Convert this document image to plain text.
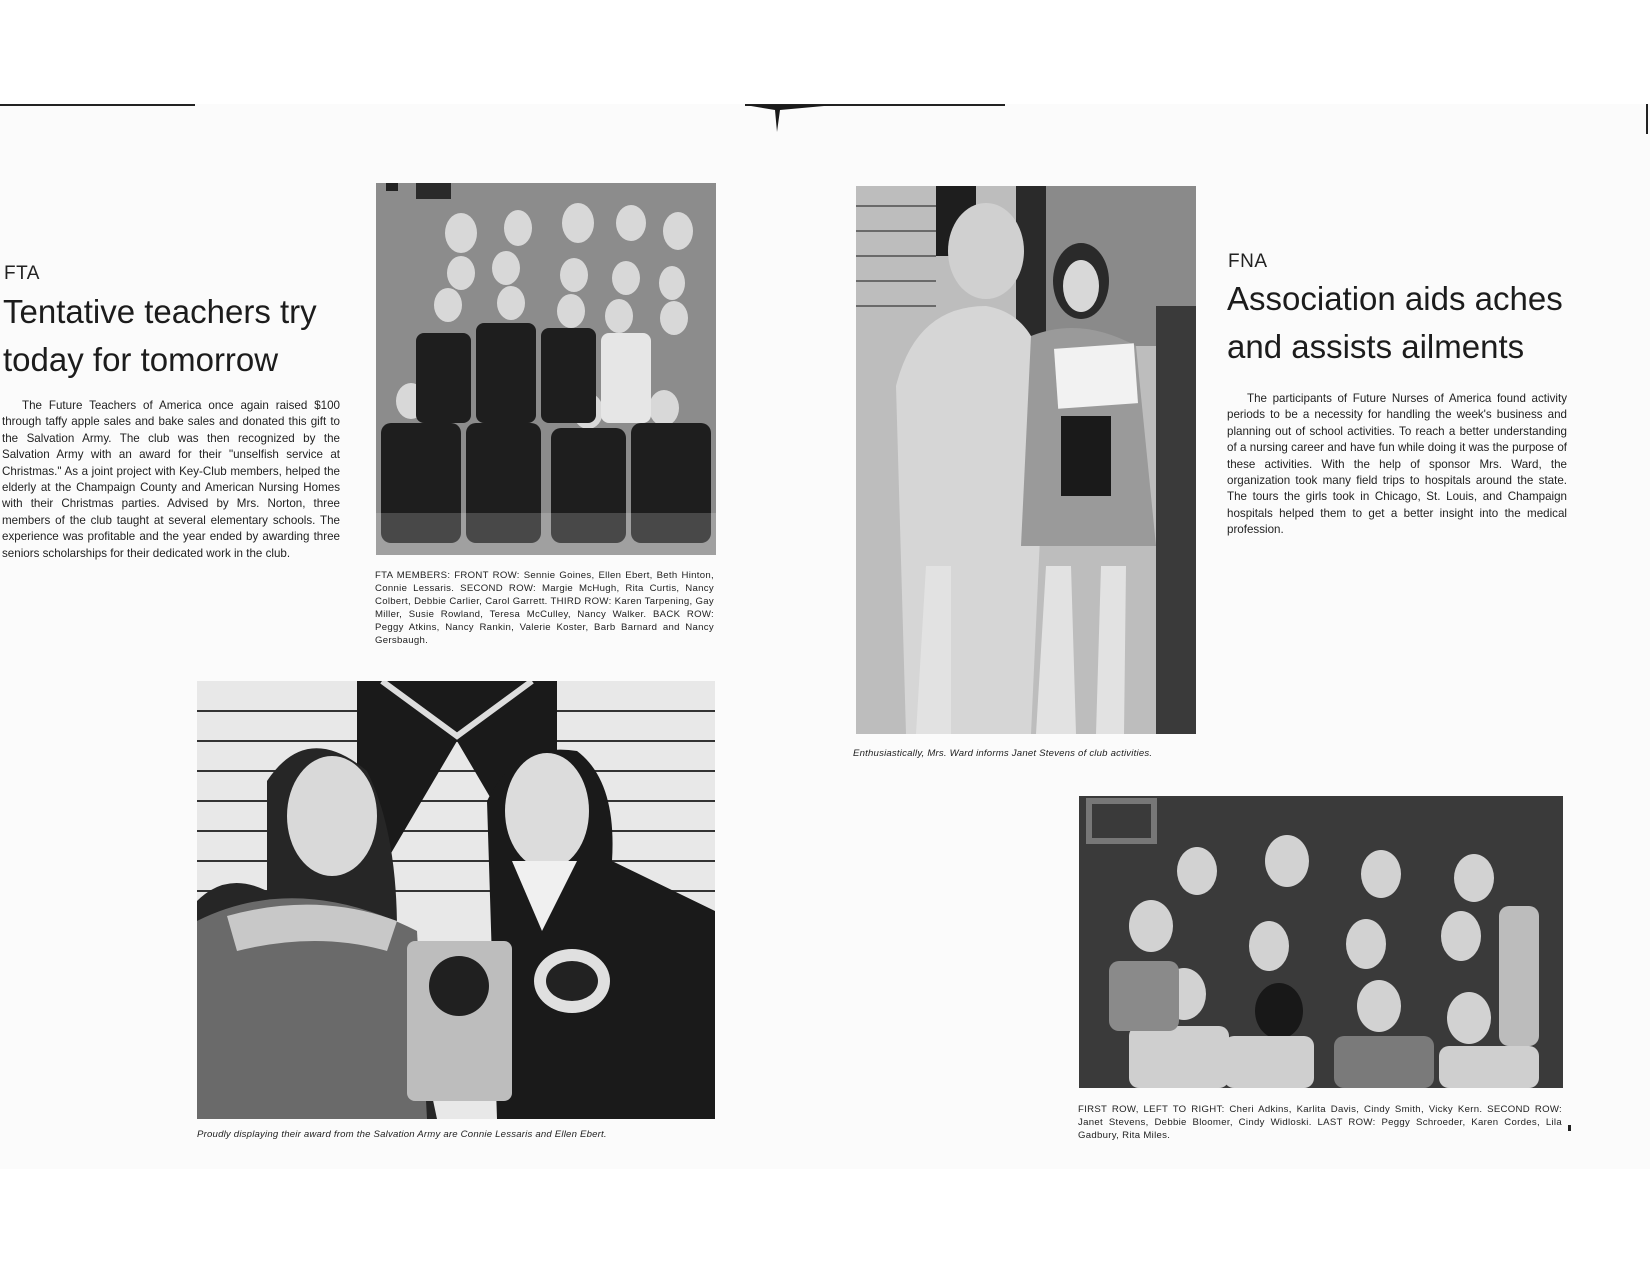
FTA
Tentative teachers try
today for tomorrow

The Future Teachers of America once again raised $100 through taffy apple sales and bake sales and donated this gift to the Salvation Army. The club was then recognized by the Salvation Army with an award for their "unselfish service at Christmas." As a joint project with Key-Club members, helped the elderly at the Champaign County and American Nursing Homes with their Christmas parties. Advised by Mrs. Norton, three members of the club taught at several elementary schools. The experience was profitable and the year ended by awarding three seniors scholarships for their dedicated work in the club.

FTA MEMBERS: FRONT ROW: Sennie Goines, Ellen Ebert, Beth Hinton, Connie Lessaris. SECOND ROW: Margie McHugh, Rita Curtis, Nancy Colbert, Debbie Carlier, Carol Garrett. THIRD ROW: Karen Tarpening, Gay Miller, Susie Rowland, Teresa McCulley, Nancy Walker. BACK ROW: Peggy Atkins, Nancy Rankin, Valerie Koster, Barb Barnard and Nancy Gersbaugh.

Proudly displaying their award from the Salvation Army are Connie Lessaris and Ellen Ebert.

Enthusiastically, Mrs. Ward informs Janet Stevens of club activities.

FNA
Association aids aches
and assists ailments

The participants of Future Nurses of America found activity periods to be a necessity for handling the week's business and planning out of school activities. To reach a better understanding of a nursing career and have fun while doing it was the purpose of these activities. With the help of sponsor Mrs. Ward, the organization took many field trips to hospitals around the state. The tours the girls took in Chicago, St. Louis, and Champaign hospitals helped them to get a better insight into the medical profession.

FIRST ROW, LEFT TO RIGHT: Cheri Adkins, Karlita Davis, Cindy Smith, Vicky Kern. SECOND ROW: Janet Stevens, Debbie Bloomer, Cindy Widloski. LAST ROW: Peggy Schroeder, Karen Cordes, Lila Gadbury, Rita Miles.
